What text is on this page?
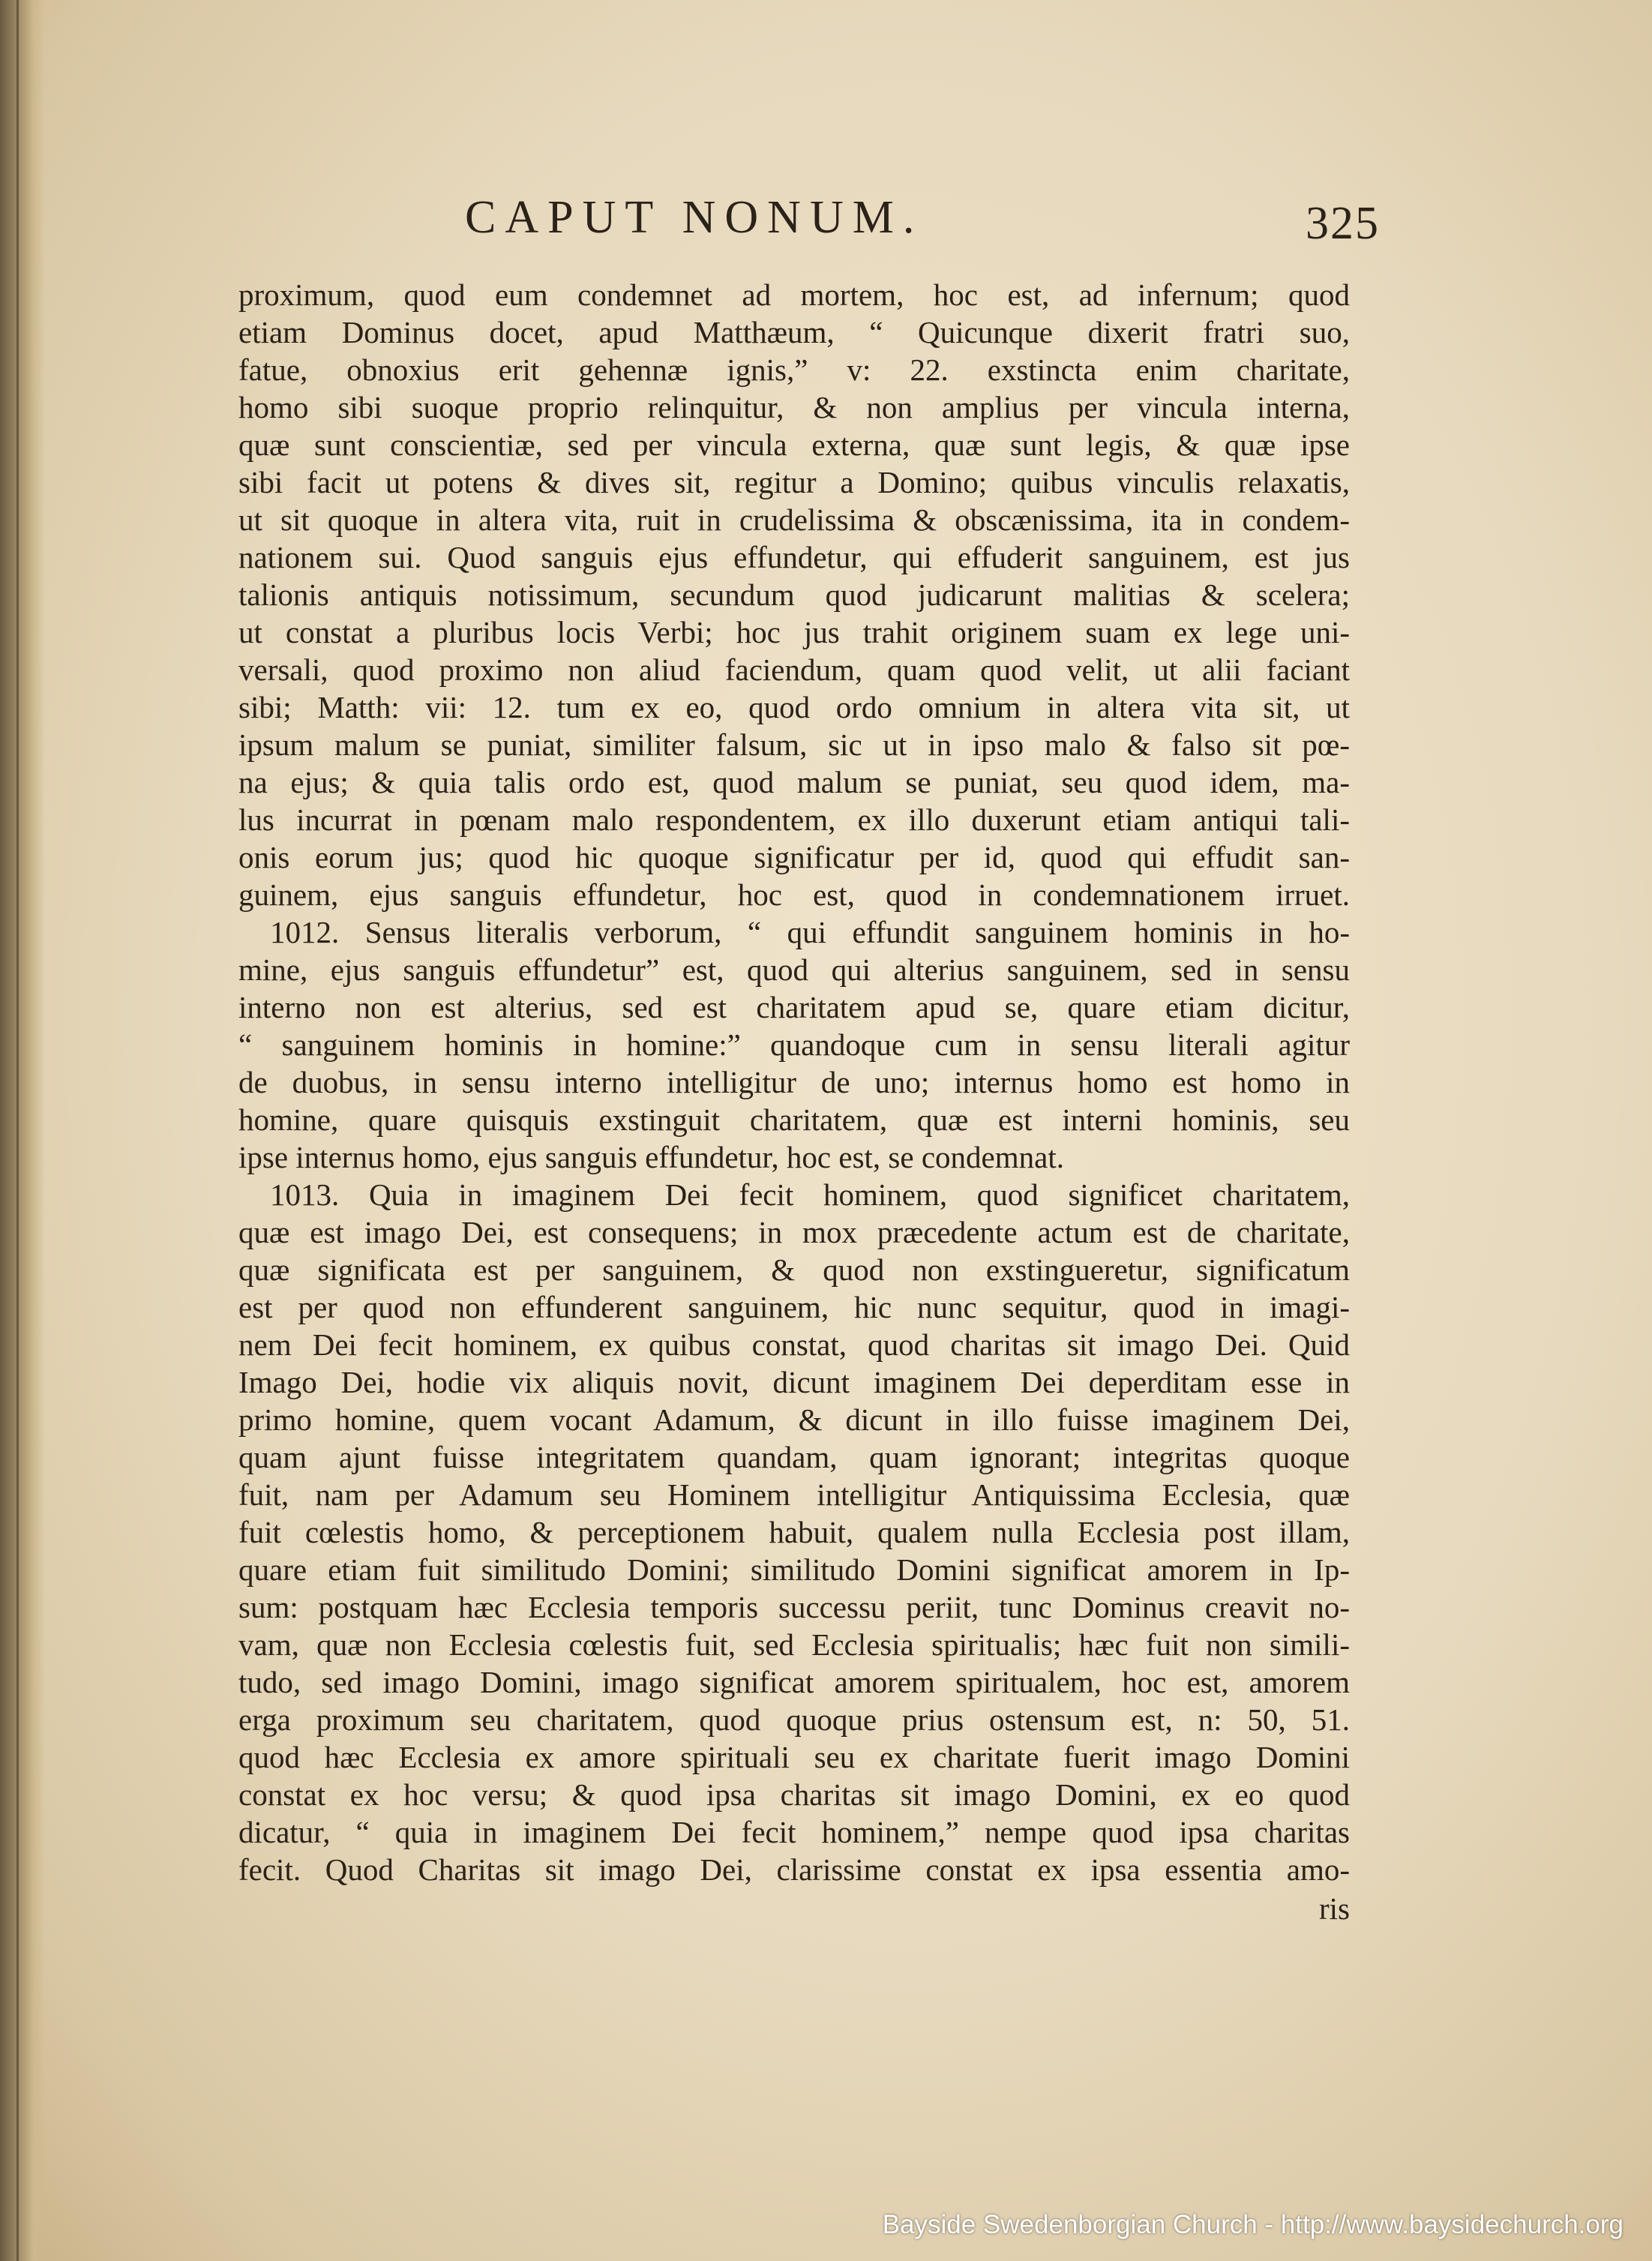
CAPUT NONUM.	325
proximum, quod eum condemnet ad mortem, hoc est, ad infernum; quod
etiam Dominus docet, apud Matthæum, “ Quicunque dixerit fratri suo,
fatue, obnoxius erit gehennæ ignis,” v: 22. exstincta enim charitate,
homo sibi suoque proprio relinquitur, & non amplius per vincula interna,
quæ sunt conscientiæ, sed per vincula externa, quæ sunt legis, & quæ ipse
sibi facit ut potens & dives sit, regitur a Domino; quibus vinculis relaxatis,
ut sit quoque in altera vita, ruit in crudelissima & obscænissima, ita in condem-
nationem sui. Quod sanguis ejus effundetur, qui effuderit sanguinem, est jus
talionis antiquis notissimum, secundum quod judicarunt malitias & scelera;
ut constat a pluribus locis Verbi; hoc jus trahit originem suam ex lege uni-
versali, quod proximo non aliud faciendum, quam quod velit, ut alii faciant
sibi; Matth: vii: 12. tum ex eo, quod ordo omnium in altera vita sit, ut
ipsum malum se puniat, similiter falsum, sic ut in ipso malo & falso sit pœ-
na ejus; & quia talis ordo est, quod malum se puniat, seu quod idem, ma-
lus incurrat in pœnam malo respondentem, ex illo duxerunt etiam antiqui tali-
onis eorum jus; quod hic quoque significatur per id, quod qui effudit san-
guinem, ejus sanguis effundetur, hoc est, quod in condemnationem irruet.
1012. Sensus literalis verborum, “ qui effundit sanguinem hominis in ho-
mine, ejus sanguis effundetur” est, quod qui alterius sanguinem, sed in sensu
interno non est alterius, sed est charitatem apud se, quare etiam dicitur,
“ sanguinem hominis in homine:” quandoque cum in sensu literali agitur
de duobus, in sensu interno intelligitur de uno; internus homo est homo in
homine, quare quisquis exstinguit charitatem, quæ est interni hominis, seu
ipse internus homo, ejus sanguis effundetur, hoc est, se condemnat.
1013. Quia in imaginem Dei fecit hominem, quod significet charitatem,
quæ est imago Dei, est consequens; in mox præcedente actum est de charitate,
quæ significata est per sanguinem, & quod non exstingueretur, significatum
est per quod non effunderent sanguinem, hic nunc sequitur, quod in imagi-
nem Dei fecit hominem, ex quibus constat, quod charitas sit imago Dei. Quid
Imago Dei, hodie vix aliquis novit, dicunt imaginem Dei deperditam esse in
primo homine, quem vocant Adamum, & dicunt in illo fuisse imaginem Dei,
quam ajunt fuisse integritatem quandam, quam ignorant; integritas quoque
fuit, nam per Adamum seu Hominem intelligitur Antiquissima Ecclesia, quæ
fuit cœlestis homo, & perceptionem habuit, qualem nulla Ecclesia post illam,
quare etiam fuit similitudo Domini; similitudo Domini significat amorem in Ip-
sum: postquam hæc Ecclesia temporis successu periit, tunc Dominus creavit no-
vam, quæ non Ecclesia cœlestis fuit, sed Ecclesia spiritualis; hæc fuit non simili-
tudo, sed imago Domini, imago significat amorem spiritualem, hoc est, amorem
erga proximum seu charitatem, quod quoque prius ostensum est, n: 50, 51.
quod hæc Ecclesia ex amore spirituali seu ex charitate fuerit imago Domini
constat ex hoc versu; & quod ipsa charitas sit imago Domini, ex eo quod
dicatur, “ quia in imaginem Dei fecit hominem,” nempe quod ipsa charitas
fecit. Quod Charitas sit imago Dei, clarissime constat ex ipsa essentia amo-
ris
Bayside Swedenborgian Church - http://www.baysidechurch.org
